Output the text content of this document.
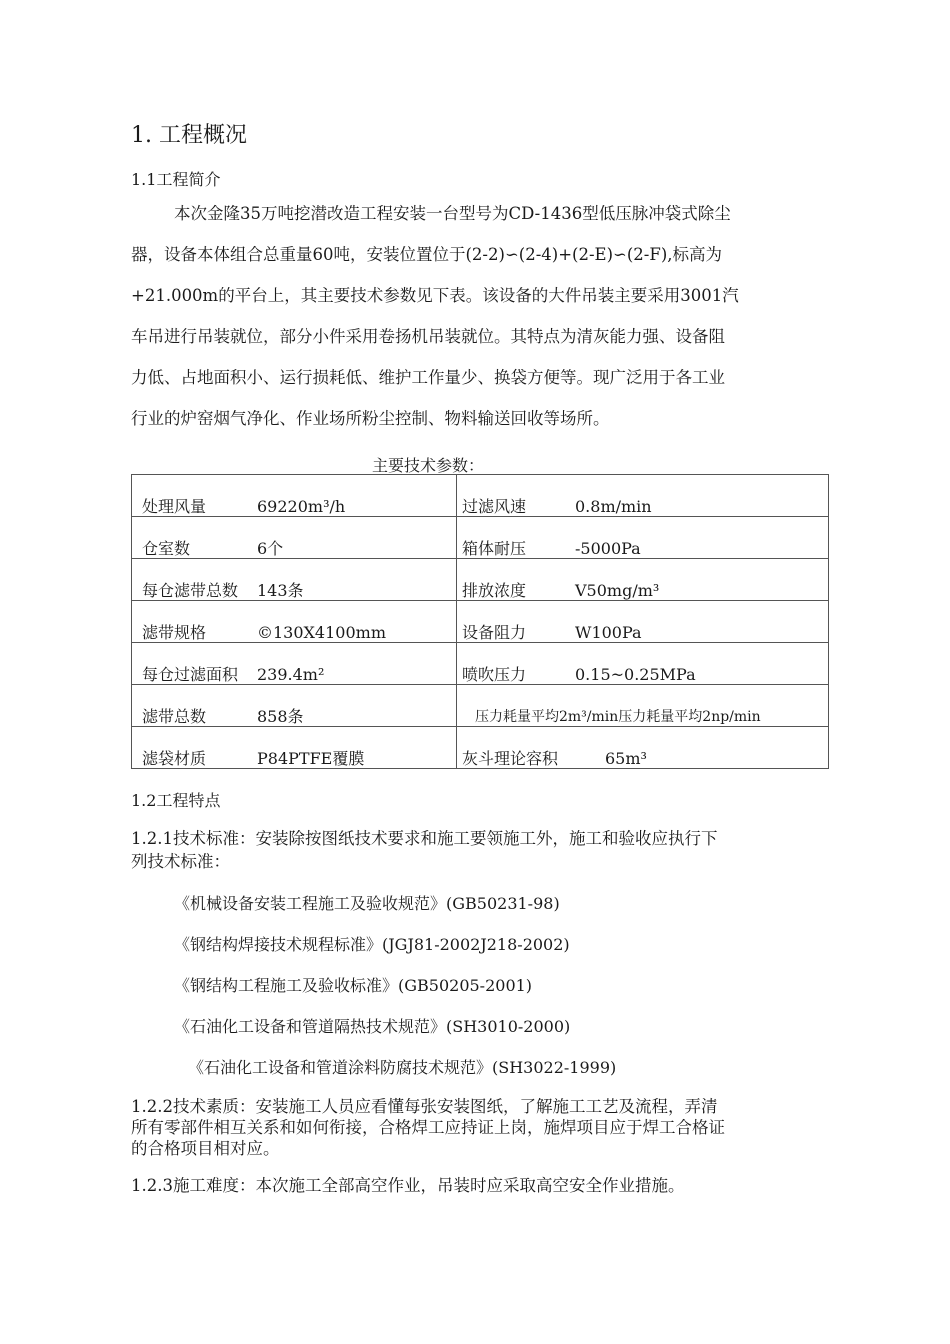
1. 工程概况
1.1工程简介
本次金隆35万吨挖潜改造工程安装一台型号为CD-1436型低压脉冲袋式除尘
器，设备本体组合总重量60吨，安装位置位于(2-2)∽(2-4)+(2-E)∽(2-F),标高为
+21.000m的平台上，其主要技术参数见下表。该设备的大件吊装主要采用3001汽
车吊进行吊装就位，部分小件采用卷扬机吊装就位。其特点为清灰能力强、设备阻
力低、占地面积小、运行损耗低、维护工作量少、换袋方便等。现广泛用于各工业
行业的炉窑烟气净化、作业场所粉尘控制、物料输送回收等场所。
主要技术参数：
处理风量 69220m³/h	过滤风速 0.8m/min

仓室数 6个	箱体耐压 -5000Pa

每仓滤带总数 143条	排放浓度 V50mg/m³

滤带规格 ©130X4100mm	设备阻力 W100Pa

每仓过滤面积 239.4m²	喷吹压力 0.15~0.25MPa

滤带总数 858条	压力耗量平均2m³/min压力耗量平均2np/min

滤袋材质 P84PTFE覆膜	灰斗理论容积 65m³
1.2工程特点
1.2.1技术标准：安装除按图纸技术要求和施工要领施工外，施工和验收应执行下
列技术标准：
《机械设备安装工程施工及验收规范》(GB50231-98)
《钢结构焊接技术规程标准》(JGJ81-2002J218-2002)
《钢结构工程施工及验收标准》(GB50205-2001)
《石油化工设备和管道隔热技术规范》(SH3010-2000)
《石油化工设备和管道涂料防腐技术规范》(SH3022-1999)
1.2.2技术素质：安装施工人员应看懂每张安装图纸，了解施工工艺及流程，弄清
所有零部件相互关系和如何衔接，合格焊工应持证上岗，施焊项目应于焊工合格证
的合格项目相对应。
1.2.3施工难度：本次施工全部高空作业，吊装时应采取高空安全作业措施。
